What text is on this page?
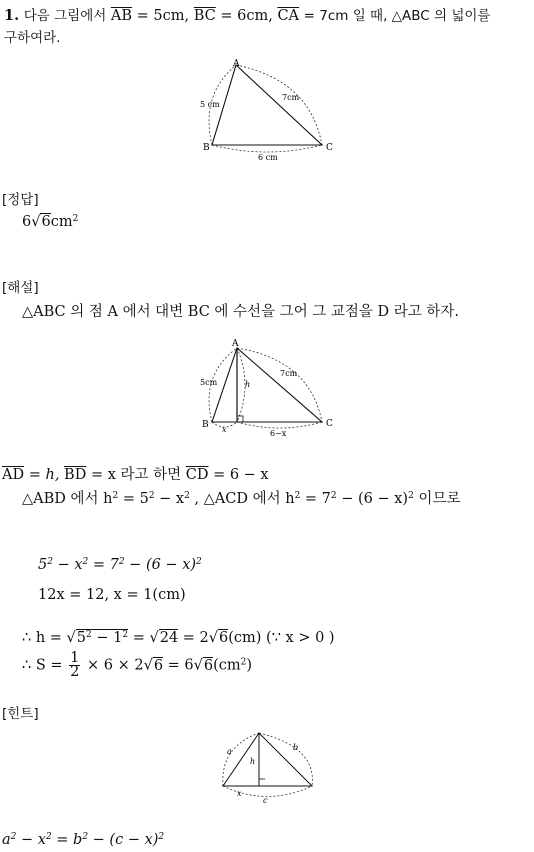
1. 다음 그림에서 $\overline{AB} = 5cm$, $\overline{BC} = 6cm$, $\overline{CA} = 7cm$ 일 때, △ABC 의 넓이를
구하여라.
A
B	C
5 cm
7cm
6 cm
[정답]
$6√6cm^2$
[해설]
△ABC 의 점 A 에서 대변 BC 에 수선을 그어 그 교점을 D 라고 하자.
A
B	C
5cm
7cm
h
x	6−x
$\overline{AD} = h$, $\overline{BD} = x$ 라고 하면 $\overline{CD} = 6 - x$
△ABD 에서 $h^2 = 5^2 - x^2$ , △ACD 에서 $h^2 = 7^2 - (6 - x)^2$ 이므로
$5^2 - x^2 = 7^2 - (6 - x)^2$
12x = 12, x = 1(cm)
∴ $h = √5^2 - 1^2 = √24 = 2√6(cm)$ (∵ x > 0 )
∴ $S = \frac{1}{2} \times 6 \times 2√6 = 6√6(cm^2)$
[힌트]
a	b
h
x
c
$a^2 - x^2 = b^2 - (c - x)^2$
